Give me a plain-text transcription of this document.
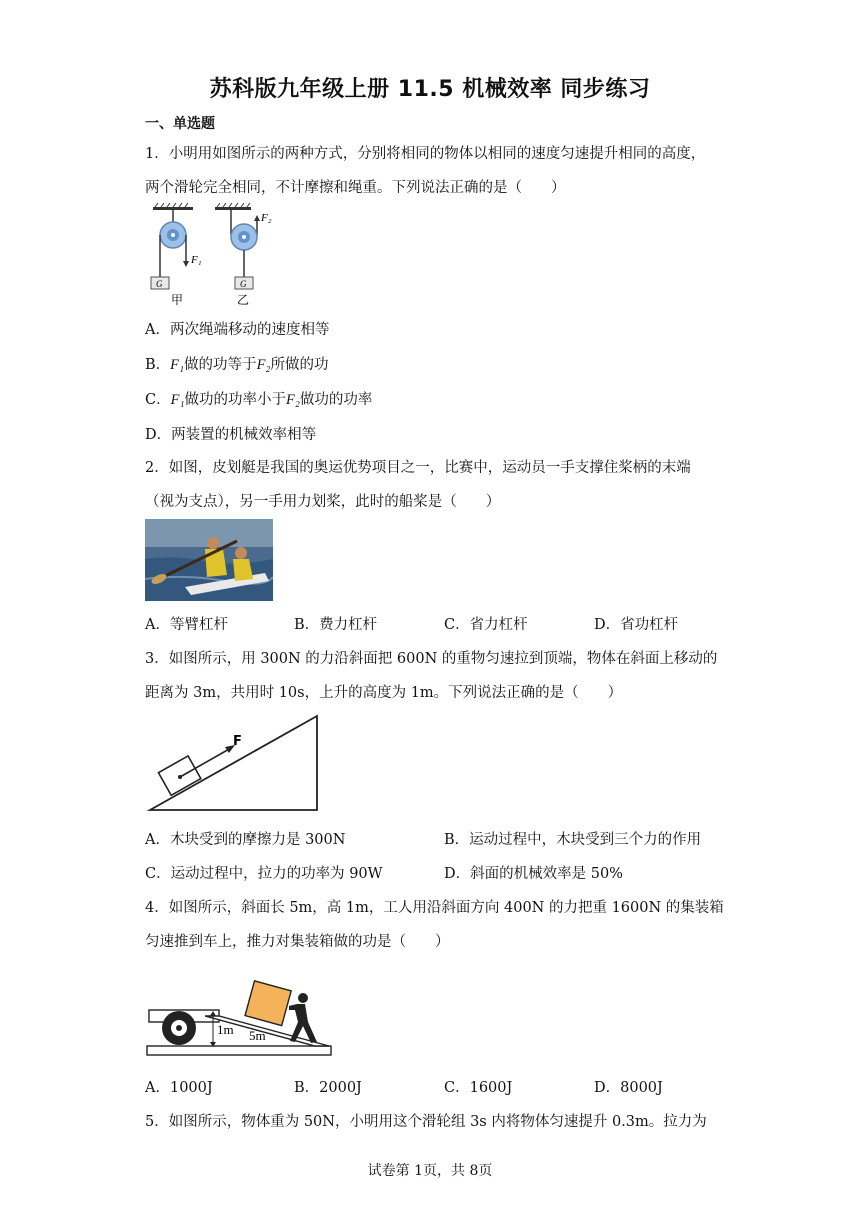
苏科版九年级上册 11.5 机械效率 同步练习
一、单选题
1．小明用如图所示的两种方式，分别将相同的物体以相同的速度匀速提升相同的高度，
两个滑轮完全相同，不计摩擦和绳重。下列说法正确的是（　　）
F₁
G
甲
F₂
G
乙
A．两次绳端移动的速度相等
B．F₁做的功等于F₂所做的功
C．F₁做功的功率小于F₂做功的功率
D．两装置的机械效率相等
2．如图，皮划艇是我国的奥运优势项目之一，比赛中，运动员一手支撑住桨柄的末端
（视为支点），另一手用力划桨，此时的船桨是（　　）
A．等臂杠杆	B．费力杠杆	C．省力杠杆	D．省功杠杆
3．如图所示，用 300N 的力沿斜面把 600N 的重物匀速拉到顶端，物体在斜面上移动的
距离为 3m，共用时 10s，上升的高度为 1m。下列说法正确的是（　　）
F
A．木块受到的摩擦力是 300N	B．运动过程中，木块受到三个力的作用
C．运动过程中，拉力的功率为 90W	D．斜面的机械效率是 50%
4．如图所示，斜面长 5m，高 1m，工人用沿斜面方向 400N 的力把重 1600N 的集装箱
匀速推到车上，推力对集装箱做的功是（　　）
1m 5m
A．1000J	B．2000J	C．1600J	D．8000J
5．如图所示，物体重为 50N，小明用这个滑轮组 3s 内将物体匀速提升 0.3m。拉力为
试卷第 1页，共 8页
